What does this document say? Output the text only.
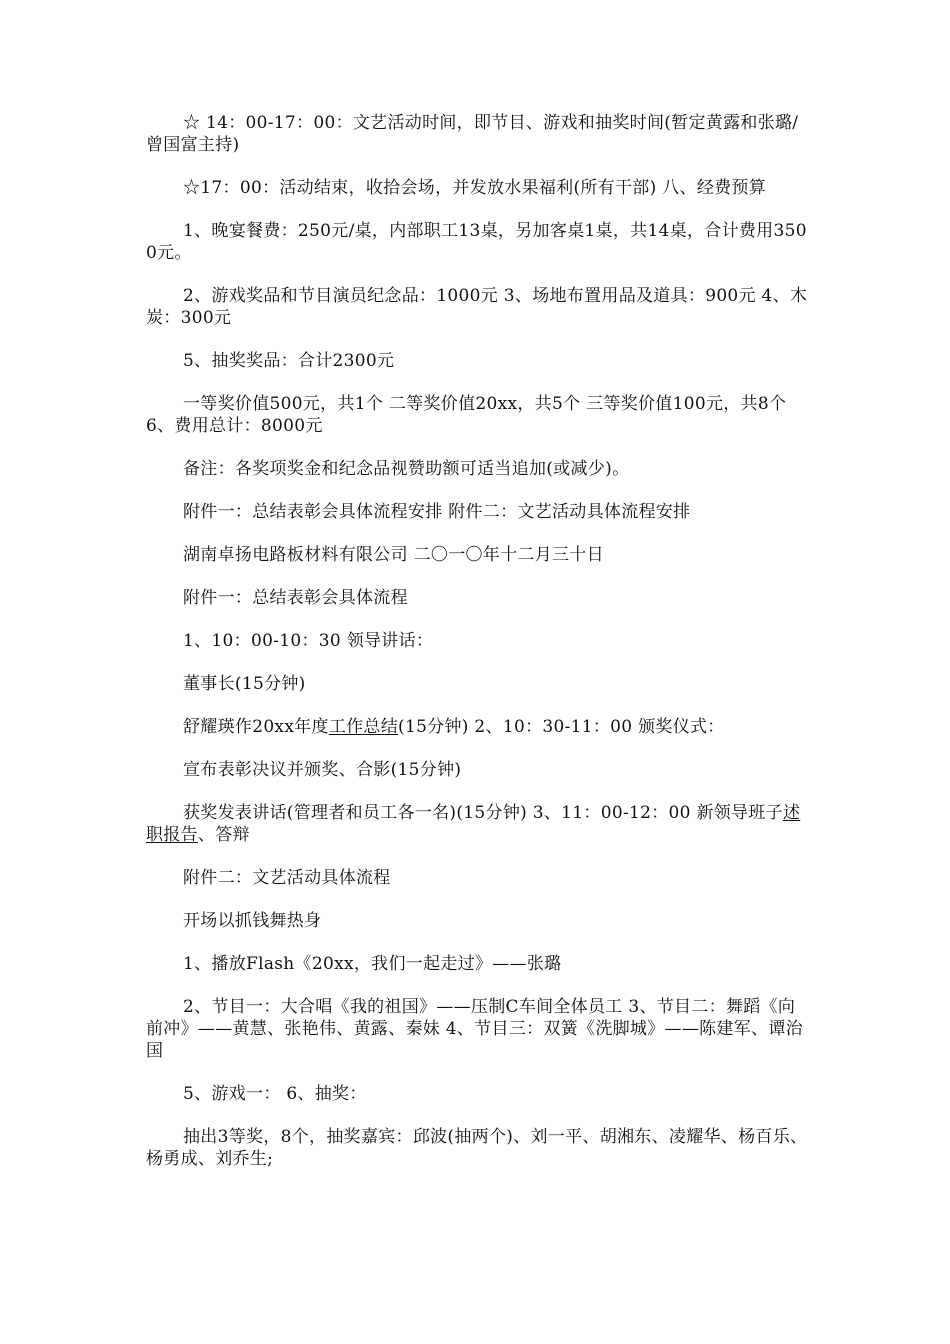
☆ 14：00-17：00：文艺活动时间，即节目、游戏和抽奖时间(暂定黄露和张璐/曾国富主持)

☆17：00：活动结束，收拾会场，并发放水果福利(所有干部) 八、经费预算

1、晚宴餐费：250元/桌，内部职工13桌，另加客桌1桌，共14桌，合计费用3500元。

2、游戏奖品和节目演员纪念品：1000元 3、场地布置用品及道具：900元 4、木炭：300元

5、抽奖奖品：合计2300元

一等奖价值500元，共1个 二等奖价值20xx，共5个 三等奖价值100元，共8个 6、费用总计：8000元

备注：各奖项奖金和纪念品视赞助额可适当追加(或减少)。

附件一：总结表彰会具体流程安排 附件二：文艺活动具体流程安排

湖南卓扬电路板材料有限公司 二〇一〇年十二月三十日

附件一：总结表彰会具体流程

1、10：00-10：30 领导讲话：

董事长(15分钟)

舒耀瑛作20xx年度工作总结(15分钟) 2、10：30-11：00 颁奖仪式：

宣布表彰决议并颁奖、合影(15分钟)

获奖发表讲话(管理者和员工各一名)(15分钟) 3、11：00-12：00 新领导班子述职报告、答辩

附件二：文艺活动具体流程

开场以抓钱舞热身

1、播放Flash《20xx，我们一起走过》——张璐

2、节目一：大合唱《我的祖国》——压制C车间全体员工 3、节目二：舞蹈《向前冲》——黄慧、张艳伟、黄露、秦妹 4、节目三：双簧《洗脚城》——陈建军、谭治国

5、游戏一： 6、抽奖：

抽出3等奖，8个，抽奖嘉宾：邱波(抽两个)、刘一平、胡湘东、凌耀华、杨百乐、杨勇成、刘乔生;
